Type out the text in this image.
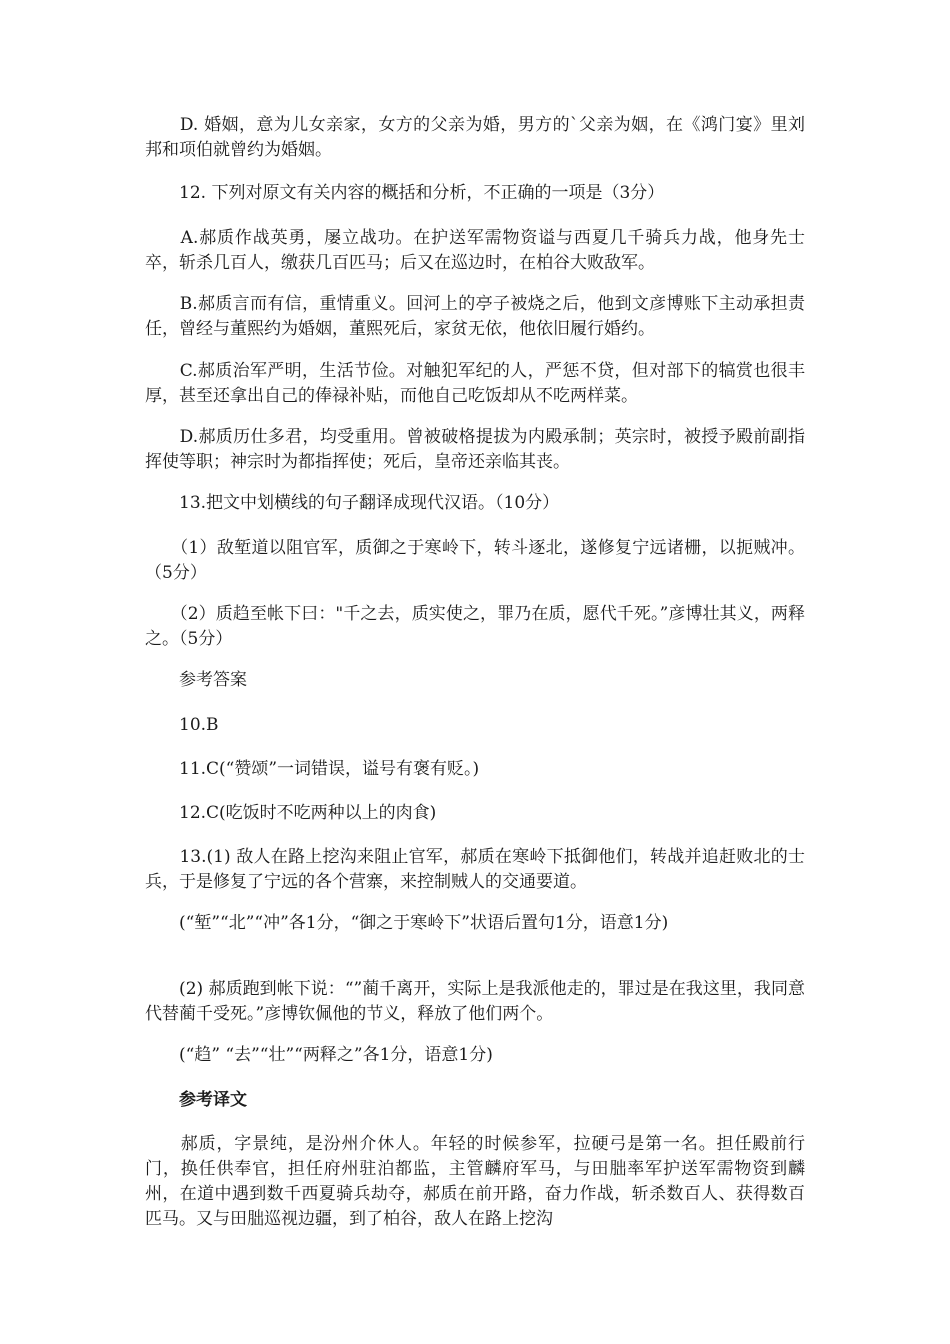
　　D. 婚姻，意为儿女亲家，女方的父亲为婚，男方的`父亲为姻，在《鸿门宴》里刘邦和项伯就曾约为婚姻。
　　12. 下列对原文有关内容的概括和分析，不正确的一项是（3分）
　　A.郝质作战英勇，屡立战功。在护送军需物资谥与西夏几千骑兵力战，他身先士卒，斩杀几百人，缴获几百匹马；后又在巡边时，在柏谷大败敌军。
　　B.郝质言而有信，重情重义。回河上的亭子被烧之后，他到文彦博账下主动承担责任，曾经与董熙约为婚姻，董熙死后，家贫无依，他依旧履行婚约。
　　C.郝质治军严明，生活节俭。对触犯军纪的人，严惩不贷，但对部下的犒赏也很丰厚，甚至还拿出自己的俸禄补贴，而他自己吃饭却从不吃两样菜。
　　D.郝质历仕多君，均受重用。曾被破格提拔为内殿承制；英宗时，被授予殿前副指挥使等职；神宗时为都指挥使；死后，皇帝还亲临其丧。
　　13.把文中划横线的句子翻译成现代汉语。（10分）
　　（1）敌堑道以阻官军，质御之于寒岭下，转斗逐北，遂修复宁远诸栅，以扼贼冲。（5分）
　　（2）质趋至帐下曰："千之去，质实使之，罪乃在质，愿代千死。”彦博壮其义，两释之。（5分）
　　参考答案
　　10.B
　　11.C(“赞颂”一词错误，谥号有褒有贬。)
　　12.C(吃饭时不吃两种以上的肉食)
　　13.(1) 敌人在路上挖沟来阻止官军，郝质在寒岭下抵御他们，转战并追赶败北的士兵，于是修复了宁远的各个营寨，来控制贼人的交通要道。
　　(“堑”“北”“冲”各1分，“御之于寒岭下”状语后置句1分，语意1分)
　　(2) 郝质跑到帐下说：“”蔺千离开，实际上是我派他走的，罪过是在我这里，我同意代替蔺千受死。”彦博钦佩他的节义，释放了他们两个。
　　(“趋” “去”“壮”“两释之”各1分，语意1分)
　　参考译文
　　郝质，字景纯，是汾州介休人。年轻的时候参军，拉硬弓是第一名。担任殿前行门，换任供奉官，担任府州驻泊都监，主管麟府军马，与田朏率军护送军需物资到麟州，在道中遇到数千西夏骑兵劫夺，郝质在前开路，奋力作战，斩杀数百人、获得数百匹马。又与田朏巡视边疆，到了柏谷，敌人在路上挖沟
